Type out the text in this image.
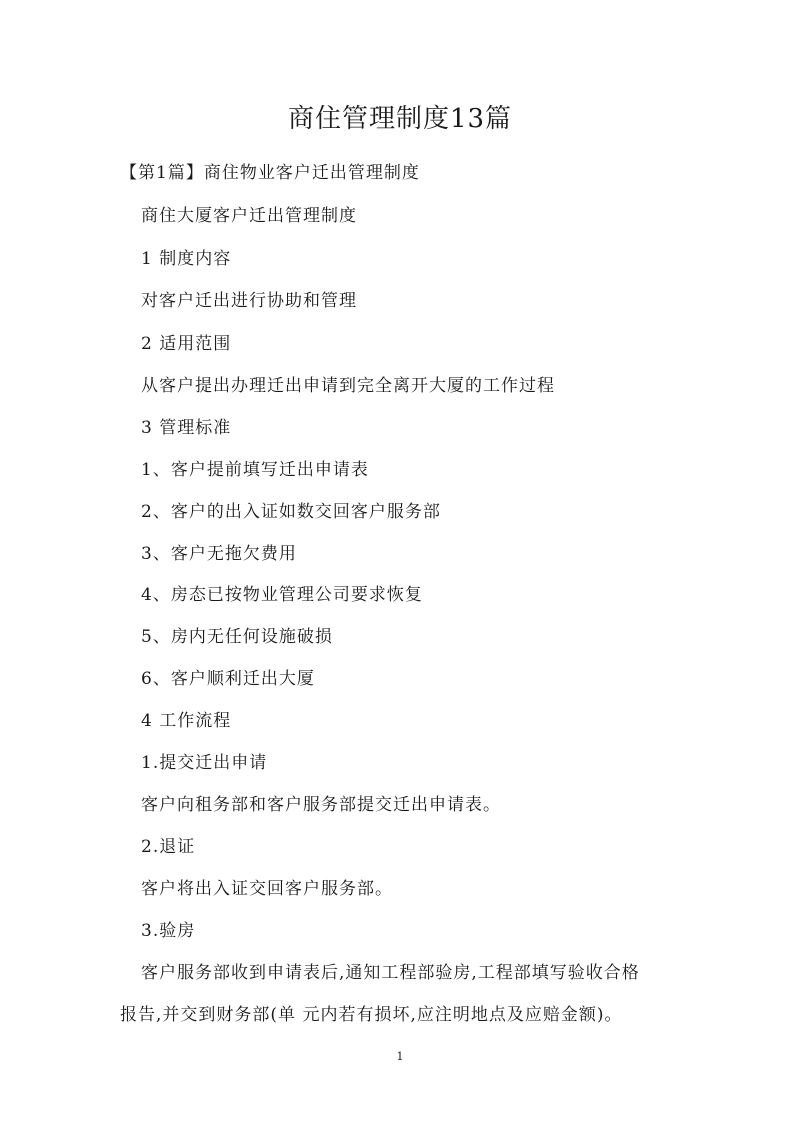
商住管理制度13篇
【第1篇】商住物业客户迁出管理制度
商住大厦客户迁出管理制度
1 制度内容
对客户迁出进行协助和管理
2 适用范围
从客户提出办理迁出申请到完全离开大厦的工作过程
3 管理标准
1、客户提前填写迁出申请表
2、客户的出入证如数交回客户服务部
3、客户无拖欠费用
4、房态已按物业管理公司要求恢复
5、房内无任何设施破损
6、客户顺利迁出大厦
4 工作流程
1.提交迁出申请
客户向租务部和客户服务部提交迁出申请表。
2.退证
客户将出入证交回客户服务部。
3.验房
客户服务部收到申请表后,通知工程部验房,工程部填写验收合格
报告,并交到财务部(单 元内若有损坏,应注明地点及应赔金额)。
1
